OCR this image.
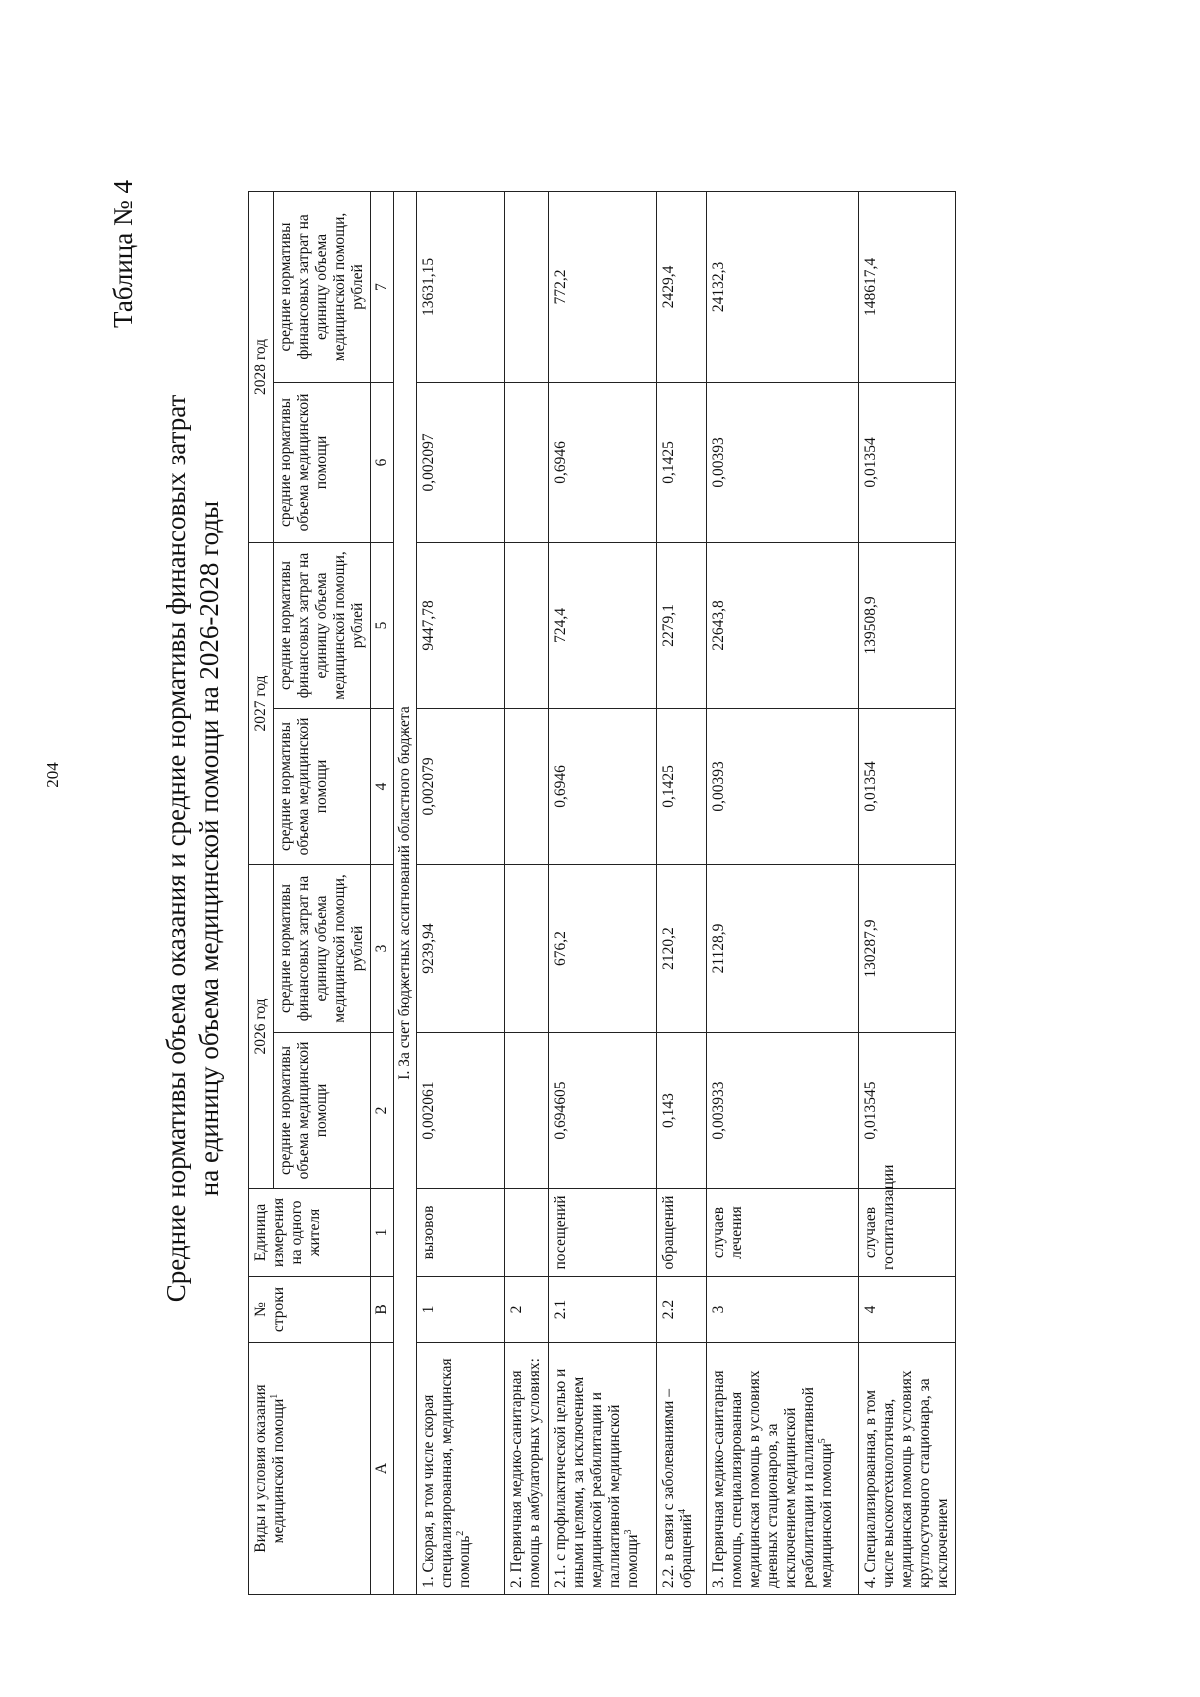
204
Таблица № 4
Средние нормативы объема оказания и средние нормативы финансовых затрат на единицу объема медицинской помощи на 2026-2028 годы
Виды и условия оказания медицинской помощи$^1$	№ строки	Единица измерения на одного жителя	2026 год		2027 год		2028 год	
			средние нормативы объема медицинской помощи	средние нормативы финансовых затрат на единицу объема медицинской помощи, рублей	средние нормативы объема медицинской помощи	средние нормативы финансовых затрат на единицу объема медицинской помощи, рублей	средние нормативы объема медицинской помощи	средние нормативы финансовых затрат на единицу объема медицинской помощи, рублей
А	В	1	2	3	4	5	6	7
I. За счет бюджетных ассигнований областного бюджета								
1. Скорая, в том числе скорая специализированная, медицинская помощь$^2$	1	вызовов	0,002061	9239,94	0,002079	9447,78	0,002097	13631,15
2. Первичная медико-санитарная помощь в амбулаторных условиях:	2							
2.1. с профилактической целью и иными целями, за исключением медицинской реабилитации и паллиативной медицинской помощи$^3$	2.1	посещений	0,694605	676,2	0,6946	724,4	0,6946	772,2
2.2. в связи с заболеваниями – обращений$^4$	2.2	обращений	0,143	2120,2	0,1425	2279,1	0,1425	2429,4
3. Первичная медико-санитарная помощь, специализированная медицинская помощь в условиях дневных стационаров, за исключением медицинской реабилитации и паллиативной медицинской помощи$^5$	3	случаев лечения	0,003933	21128,9	0,00393	22643,8	0,00393	24132,3
4. Специализированная, в том числе высокотехнологичная, медицинская помощь в условиях круглосуточного стационара, за исключением	4	случаев госпитализации	0,013545	130287,9	0,01354	139508,9	0,01354	148617,4
